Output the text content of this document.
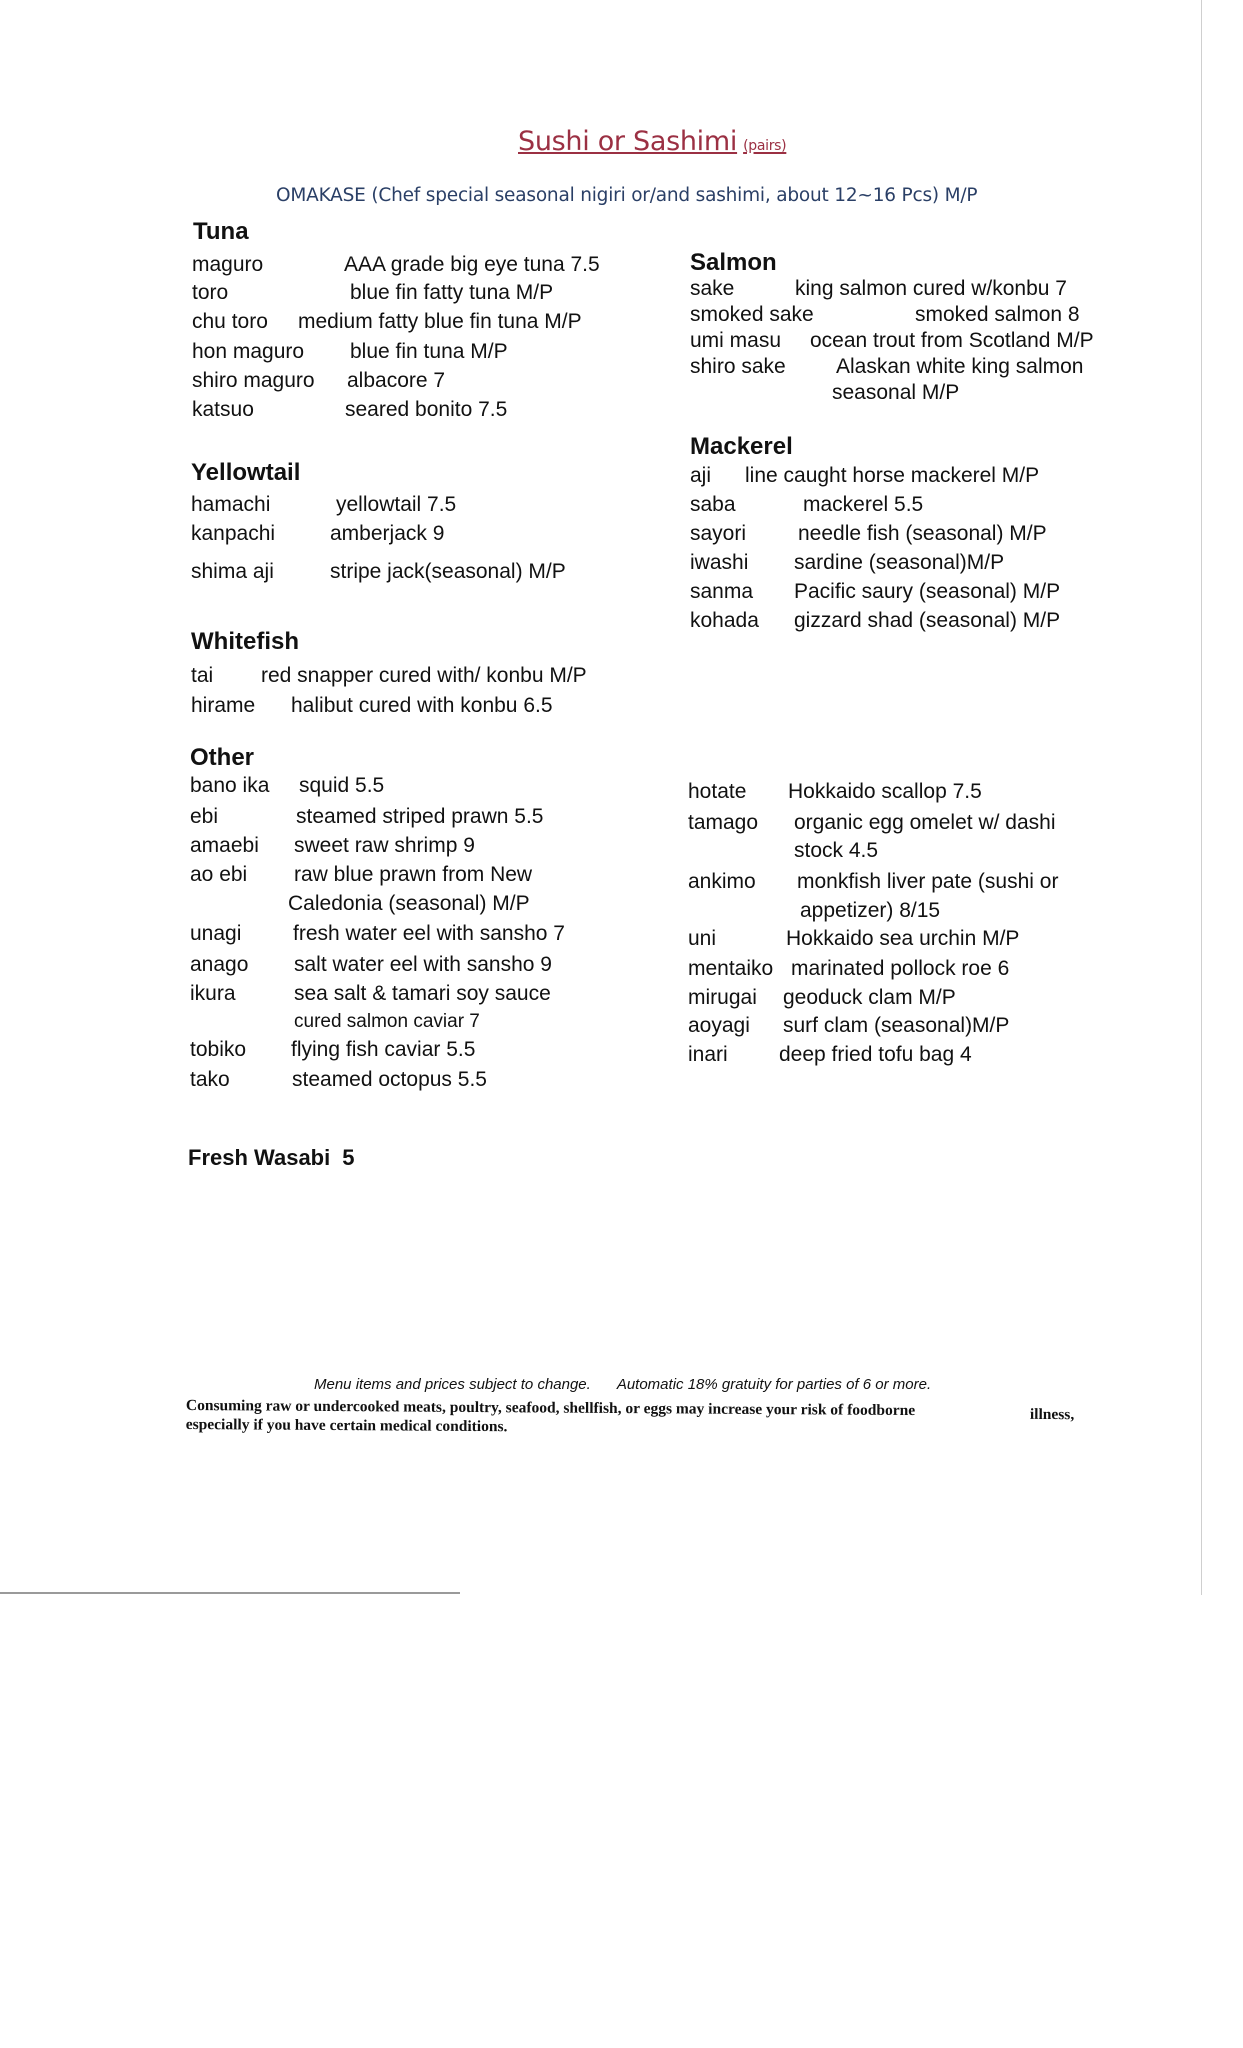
Sushi or Sashimi (pairs)
OMAKASE (Chef special seasonal nigiri or/and sashimi, about 12~16 Pcs) M/P
Tuna
maguro	AAA grade big eye tuna 7.5
toro	blue fin fatty tuna M/P
chu toro medium fatty blue fin tuna M/P
hon maguro blue fin tuna M/P
shiro maguro albacore 7
katsuo	seared bonito 7.5
Yellowtail
hamachi	yellowtail 7.5
kanpachi	amberjack 9
shima aji	stripe jack(seasonal) M/P
Whitefish
tai red snapper cured with/ konbu M/P
hirame halibut cured with konbu 6.5
Salmon
sake	king salmon cured w/konbu 7
smoked sake	smoked salmon 8
umi masu ocean trout from Scotland M/P
shiro sake Alaskan white king salmon
seasonal M/P
Mackerel
aji line caught horse mackerel M/P
saba	mackerel 5.5
sayori needle fish (seasonal) M/P
iwashi sardine (seasonal)M/P
sanma Pacific saury (seasonal) M/P
kohada gizzard shad (seasonal) M/P
Other
bano ika squid 5.5
ebi	steamed striped prawn 5.5
amaebi sweet raw shrimp 9
ao ebi raw blue prawn from New
Caledonia (seasonal) M/P
unagi fresh water eel with sansho 7
anago salt water eel with sansho 9
ikura	sea salt & tamari soy sauce
cured salmon caviar 7
tobiko flying fish caviar 5.5
tako	steamed octopus 5.5
hotate Hokkaido scallop 7.5
tamago organic egg omelet w/ dashi
stock 4.5
ankimo monkfish liver pate (sushi or
appetizer) 8/15
uni	Hokkaido sea urchin M/P
mentaiko marinated pollock roe 6
mirugai geoduck clam M/P
aoyagi surf clam (seasonal)M/P
inari deep fried tofu bag 4
Fresh Wasabi 5
Menu items and prices subject to change. Automatic 18% gratuity for parties of 6 or more.
Consuming raw or undercooked meats, poultry, seafood, shellfish, or eggs may increase your risk of foodborne	illness,
especially if you have certain medical conditions.
